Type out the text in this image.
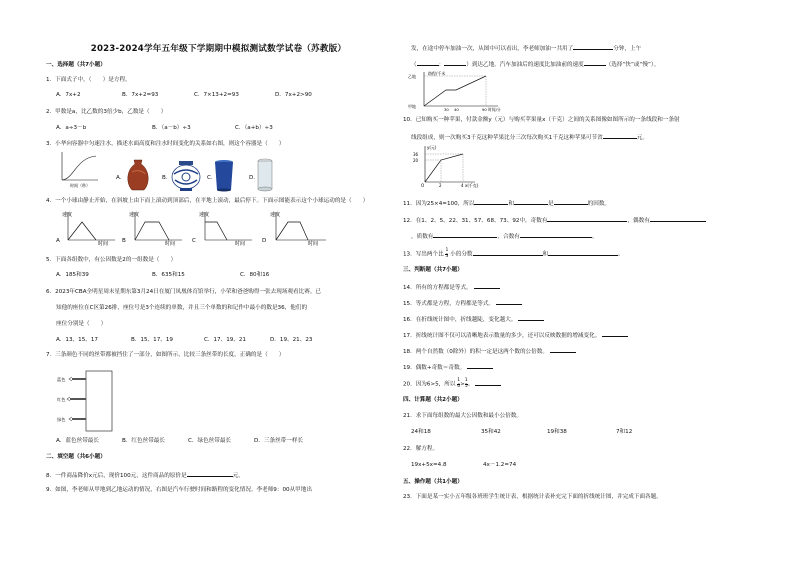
2023-2024学年五年级下学期期中模拟测试数学试卷（苏教版）
一、选择题（共7小题）
1．下面式子中，（　　）是方程。
A．7x+2	B．7x+2=93	C．7×13+2=93	D．7x+2>90
2．甲数是a，比乙数的3倍少b，乙数是（　　）
A．a÷3－b	B．（a－b）÷3	C．（a+b）÷3
3．小华向容器中匀速注水，描述水面高度和注水时间变化的关系如右图，则这个容器是（　　）
时间（秒）
A.	B.	C.	D.
4．一个小球由静止开始，在斜坡上由下而上滚动到顶部后，在平地上滚动，最后停下。下面示图能表示这个小球运动的是（　　）
A
速度
时间 B
速度
时间	C
速度
时间	D
速度
时间
5．下面各组数中，有公因数是2的一组数是（　　）
A．185和39	B．635和15	C．80和16
6．2023年CBA全明星周末星期东第3月24日在厦门凤凰体育馆举行，小荣和爸爸购得一张去现场观看比赛。已
知他的座位在C区第26排，座位号是3个连续的单数，并且三个单数的和记作中最小的数是36，他们的
座位分别是（　　）
A．13、15、17	B．15、17、19	C．17、19、21	D．19、21、23
7．三条颜色不同的丝带都被挡住了一部分，如图所示，比较三条丝带的长度，正确的是（　　）
蓝色
红色
绿色
A．蓝色丝带最长	B．红色丝带最长	C．绿色丝带最长	D．三条丝带一样长
二、填空题（共6小题）
8．一件商品降价x元后，现价100元，这件商品的原价是	元。
9．如图，李老师从甲地到乙地运动的情况，右图是汽车行驶时间和路程的变化情况。李老师9：00从甲地出
发，在途中停车加油一次，从图中可以看出，李老师加油一共用了	分钟，上午
（	：	）到达乙地。汽车加油后的速度比加油前的速度	（选择“快”或“慢”）。
乙地
路程/千米
甲地
30 40	90 时间/分
10．已知购买一种苹果，付款金额y（元）与购买苹果量x（千克）之间的关系图像如图所示的一条线段和一条射
线段组成，则一次购买3千克这种苹果比分三次每次购买1千克这种苹果可节省	元。
y(元)
36
20
2	4
O	x(千克)
11．因为25×4=100，所以	和	是	的因数。
12．在1、2、5、22、31、57、68、73、92中，奇数有	，偶数有
，质数有	，合数有	。
13．写出两个比 $\frac{1}{3}$ 小的分数	和	。
三、判断题（共7小题）
14．所有的方程都是等式。
15．等式都是方程，方程都是等式。
16．在折线统计图中，折线越陡，变化越大。
17．折线统计图不仅可以清晰地表示数量的多少，还可以反映数据的增减变化。
18．两个自然数（0除外）的积一定是这两个数的公倍数。
19．偶数+奇数＝奇数。
20．因为6>5，所以 $\frac{1}{6} > \frac{1}{5}$ 。
四、计算题（共2小题）
21．求下面每组数的最大公因数和最小公倍数。
24和18	35和42	19和38	7和12
22．解方程。
19x+5x=4.8	4x－1.2=74
五、操作题（共1小题）
23．下面是某一实小五年级各班班学生统计表，根据统计表补充完下面的折线统计图，并完成下面各题。
